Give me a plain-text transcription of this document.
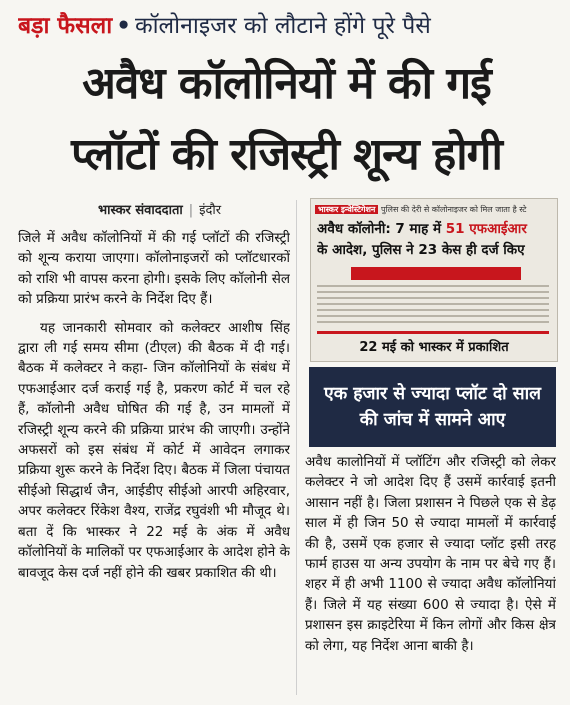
बड़ा फैसला • कॉलोनाइजर को लौटाने होंगे पूरे पैसे
अवैध कॉलोनियों में की गई
प्लॉटों की रजिस्ट्री शून्य होगी
भास्कर संवाददाता | इंदौर

जिले में अवैध कॉलोनियों में की गई प्लॉटों की रजिस्ट्री को शून्य कराया जाएगा। कॉलोनाइजरों को प्लॉटधारकों को राशि भी वापस करना होगी। इसके लिए कॉलोनी सेल को प्रक्रिया प्रारंभ करने के निर्देश दिए हैं।

यह जानकारी सोमवार को कलेक्टर आशीष सिंह द्वारा ली गई समय सीमा (टीएल) की बैठक में दी गई। बैठक में कलेक्टर ने कहा- जिन कॉलोनियों के संबंध में एफआईआर दर्ज कराई गई है, प्रकरण कोर्ट में चल रहे हैं, कॉलोनी अवैध घोषित की गई है, उन मामलों में रजिस्ट्री शून्य करने की प्रक्रिया प्रारंभ की जाएगी। उन्होंने अफसरों को इस संबंध में कोर्ट में आवेदन लगाकर प्रक्रिया शुरू करने के निर्देश दिए। बैठक में जिला पंचायत सीईओ सिद्धार्थ जैन, आईडीए सीईओ आरपी अहिरवार, अपर कलेक्टर रिंकेश वैश्य, राजेंद्र रघुवंशी भी मौजूद थे। बता दें कि भास्कर ने 22 मई के अंक में अवैध कॉलोनियों के मालिकों पर एफआईआर के आदेश होने के बावजूद केस दर्ज नहीं होने की खबर प्रकाशित की थी।

भास्कर इन्वेस्टिगेशन पुलिस की देरी से कॉलोनाइजर को मिल जाता है स्टे
अवैध कॉलोनी: 7 माह में 51 एफआईआर
के आदेश, पुलिस ने 23 केस ही दर्ज किए
22 मई को भास्कर में प्रकाशित
एक हजार से ज्यादा प्लॉट दो साल की जांच में सामने आए

अवैध कालोनियों में प्लॉटिंग और रजिस्ट्री को लेकर कलेक्टर ने जो आदेश दिए हैं उसमें कार्रवाई इतनी आसान नहीं है। जिला प्रशासन ने पिछले एक से डेढ़ साल में ही जिन 50 से ज्यादा मामलों में कार्रवाई की है, उसमें एक हजार से ज्यादा प्लॉट इसी तरह फार्म हाउस या अन्य उपयोग के नाम पर बेचे गए हैं। शहर में ही अभी 1100 से ज्यादा अवैध कॉलोनियां हैं। जिले में यह संख्या 600 से ज्यादा है। ऐसे में प्रशासन इस क्राइटेरिया में किन लोगों और किस क्षेत्र को लेगा, यह निर्देश आना बाकी है।
